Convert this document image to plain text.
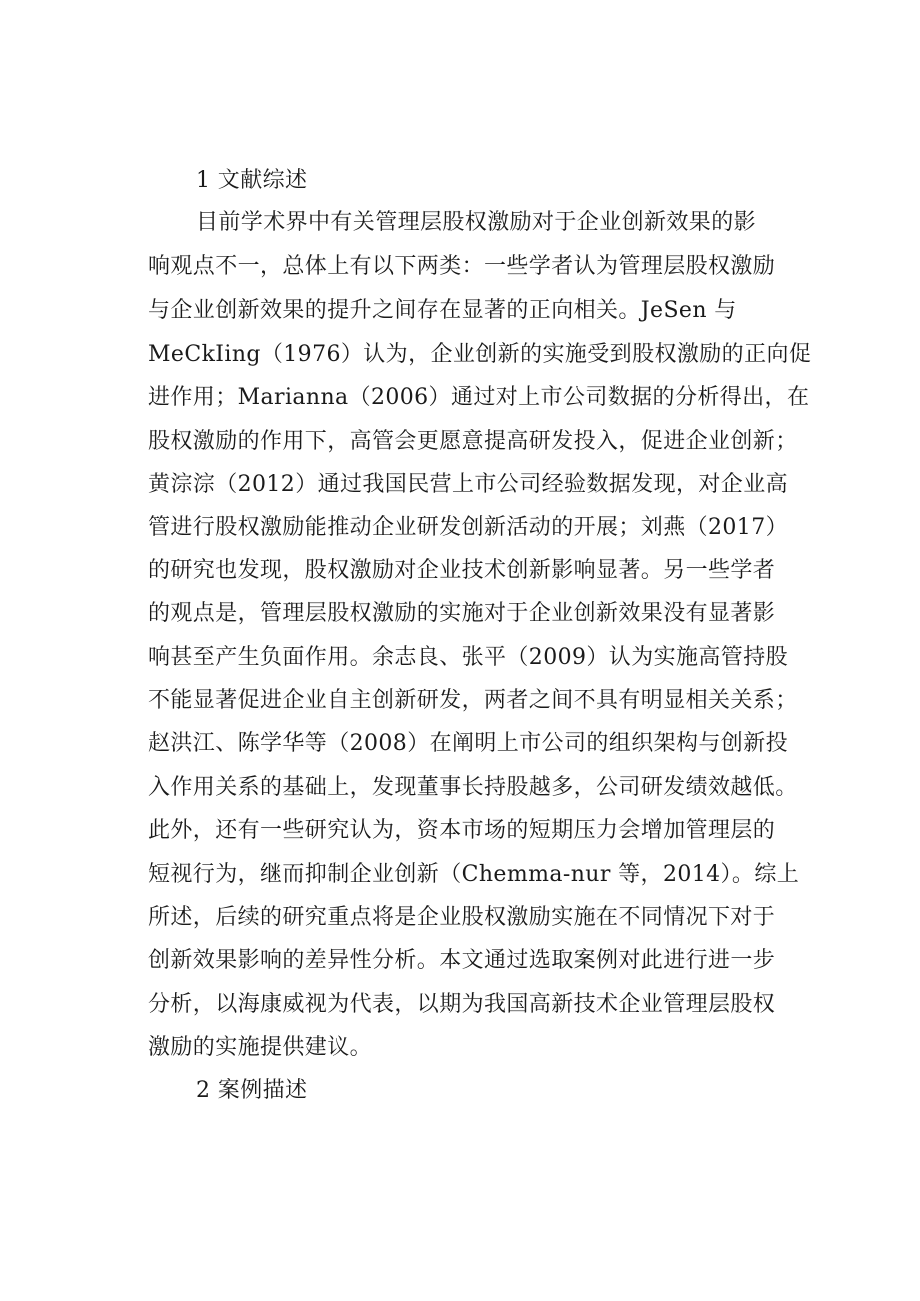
1 文献综述
目前学术界中有关管理层股权激励对于企业创新效果的影
响观点不一，总体上有以下两类：一些学者认为管理层股权激励
与企业创新效果的提升之间存在显著的正向相关。JeSen 与
MeCkIing（1976）认为，企业创新的实施受到股权激励的正向促
进作用；Marianna（2006）通过对上市公司数据的分析得出，在
股权激励的作用下，高管会更愿意提高研发投入，促进企业创新；
黄淙淙（2012）通过我国民营上市公司经验数据发现，对企业高
管进行股权激励能推动企业研发创新活动的开展；刘燕（2017）
的研究也发现，股权激励对企业技术创新影响显著。另一些学者
的观点是，管理层股权激励的实施对于企业创新效果没有显著影
响甚至产生负面作用。余志良、张平（2009）认为实施高管持股
不能显著促进企业自主创新研发，两者之间不具有明显相关关系；
赵洪江、陈学华等（2008）在阐明上市公司的组织架构与创新投
入作用关系的基础上，发现董事长持股越多，公司研发绩效越低。
此外，还有一些研究认为，资本市场的短期压力会增加管理层的
短视行为，继而抑制企业创新（Chemma-nur 等，2014）。综上
所述，后续的研究重点将是企业股权激励实施在不同情况下对于
创新效果影响的差异性分析。本文通过选取案例对此进行进一步
分析，以海康威视为代表，以期为我国高新技术企业管理层股权
激励的实施提供建议。
2 案例描述
